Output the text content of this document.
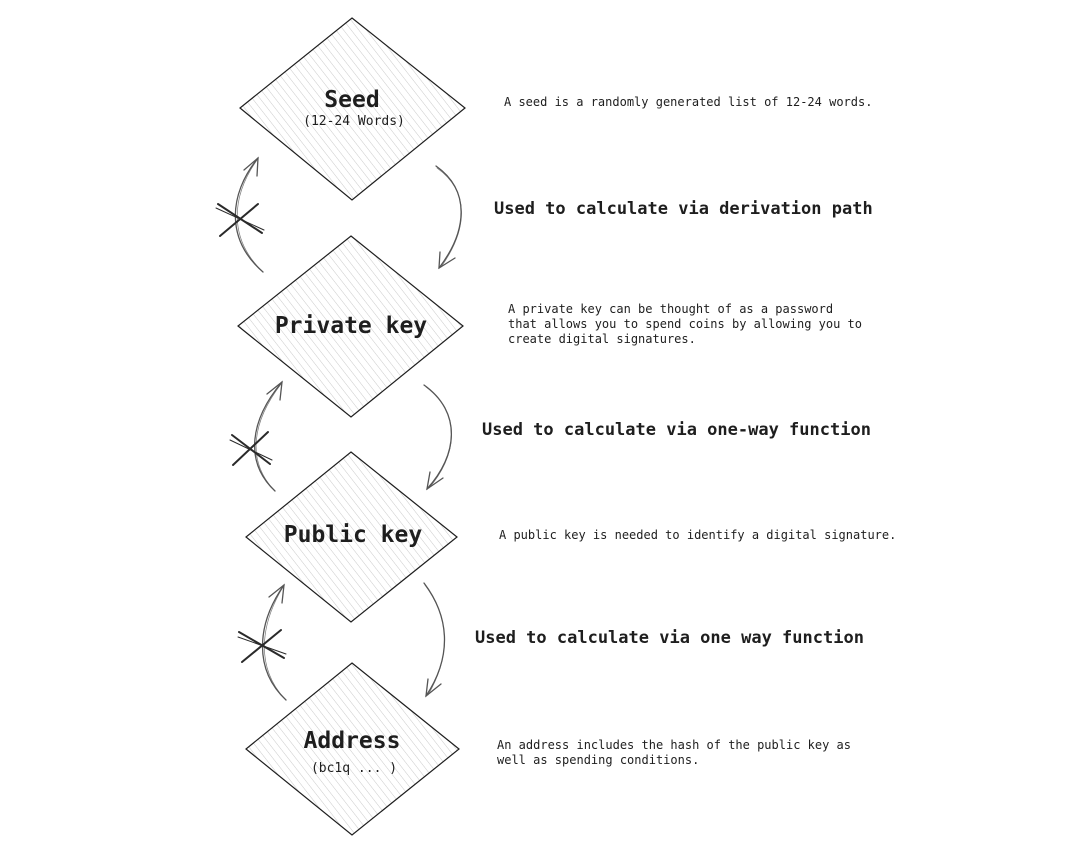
Seed
(12-24 Words)
Private key
Public key
Address
(bc1q ... )
Used to calculate via derivation path
Used to calculate via one-way function
Used to calculate via one way function
A seed is a randomly generated list of 12-24 words.
A private key can be thought of as a password that allows you to spend coins by allowing you to create digital signatures.
A public key is needed to identify a digital signature.
An address includes the hash of the public key as well as spending conditions.
